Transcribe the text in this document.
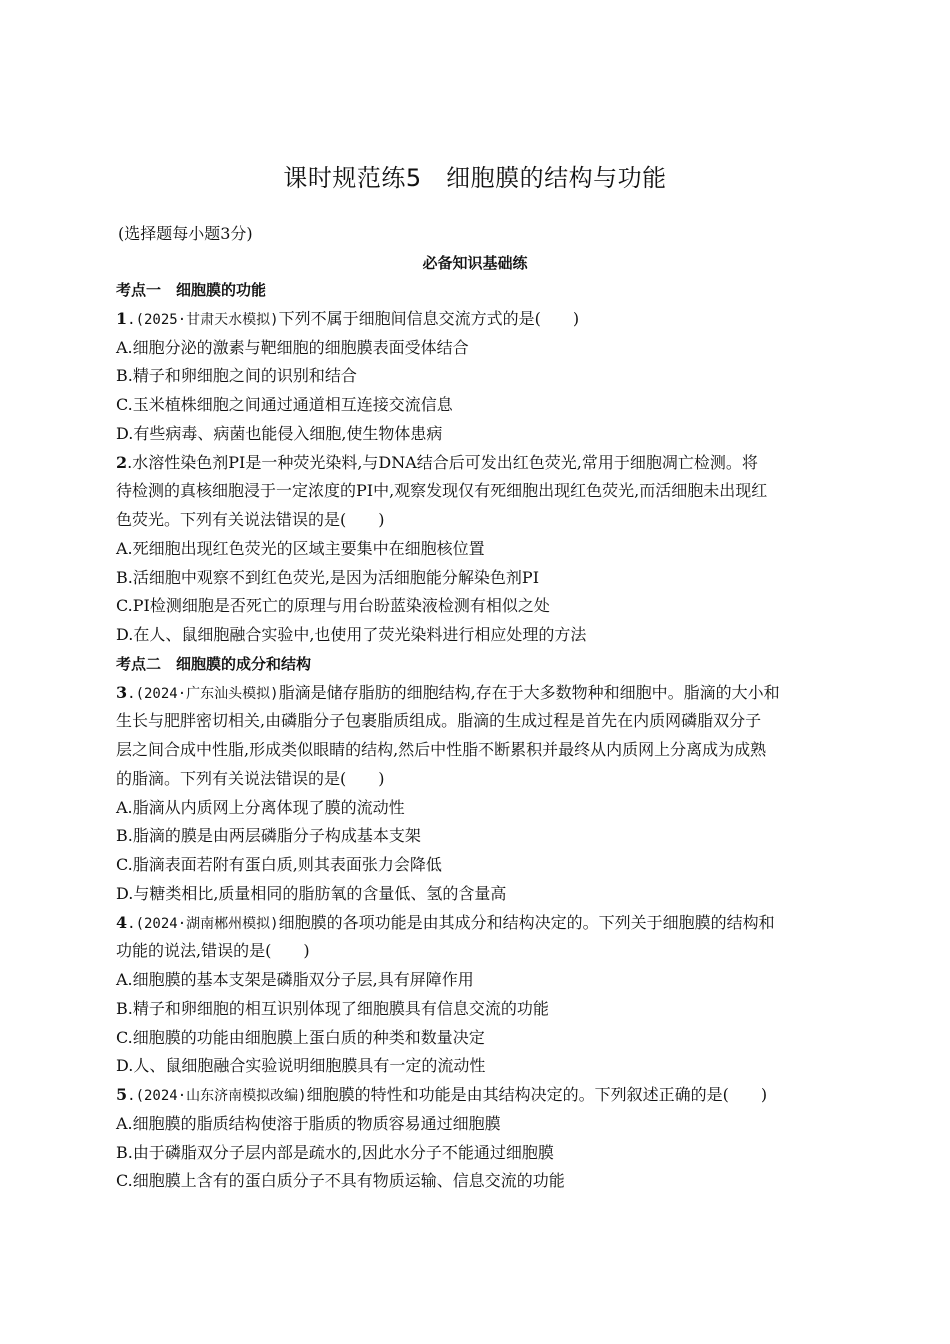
课时规范练5　细胞膜的结构与功能
(选择题每小题3分)
必备知识基础练
考点一　细胞膜的功能
1.(2025·甘肃天水模拟)下列不属于细胞间信息交流方式的是(　　)
A.细胞分泌的激素与靶细胞的细胞膜表面受体结合
B.精子和卵细胞之间的识别和结合
C.玉米植株细胞之间通过通道相互连接交流信息
D.有些病毒、病菌也能侵入细胞,使生物体患病
2.水溶性染色剂PI是一种荧光染料,与DNA结合后可发出红色荧光,常用于细胞凋亡检测。将
待检测的真核细胞浸于一定浓度的PI中,观察发现仅有死细胞出现红色荧光,而活细胞未出现红
色荧光。下列有关说法错误的是(　　)
A.死细胞出现红色荧光的区域主要集中在细胞核位置
B.活细胞中观察不到红色荧光,是因为活细胞能分解染色剂PI
C.PI检测细胞是否死亡的原理与用台盼蓝染液检测有相似之处
D.在人、鼠细胞融合实验中,也使用了荧光染料进行相应处理的方法
考点二　细胞膜的成分和结构
3.(2024·广东汕头模拟)脂滴是储存脂肪的细胞结构,存在于大多数物种和细胞中。脂滴的大小和
生长与肥胖密切相关,由磷脂分子包裹脂质组成。脂滴的生成过程是首先在内质网磷脂双分子
层之间合成中性脂,形成类似眼睛的结构,然后中性脂不断累积并最终从内质网上分离成为成熟
的脂滴。下列有关说法错误的是(　　)
A.脂滴从内质网上分离体现了膜的流动性
B.脂滴的膜是由两层磷脂分子构成基本支架
C.脂滴表面若附有蛋白质,则其表面张力会降低
D.与糖类相比,质量相同的脂肪氧的含量低、氢的含量高
4.(2024·湖南郴州模拟)细胞膜的各项功能是由其成分和结构决定的。下列关于细胞膜的结构和
功能的说法,错误的是(　　)
A.细胞膜的基本支架是磷脂双分子层,具有屏障作用
B.精子和卵细胞的相互识别体现了细胞膜具有信息交流的功能
C.细胞膜的功能由细胞膜上蛋白质的种类和数量决定
D.人、鼠细胞融合实验说明细胞膜具有一定的流动性
5.(2024·山东济南模拟改编)细胞膜的特性和功能是由其结构决定的。下列叙述正确的是(　　)
A.细胞膜的脂质结构使溶于脂质的物质容易通过细胞膜
B.由于磷脂双分子层内部是疏水的,因此水分子不能通过细胞膜
C.细胞膜上含有的蛋白质分子不具有物质运输、信息交流的功能
